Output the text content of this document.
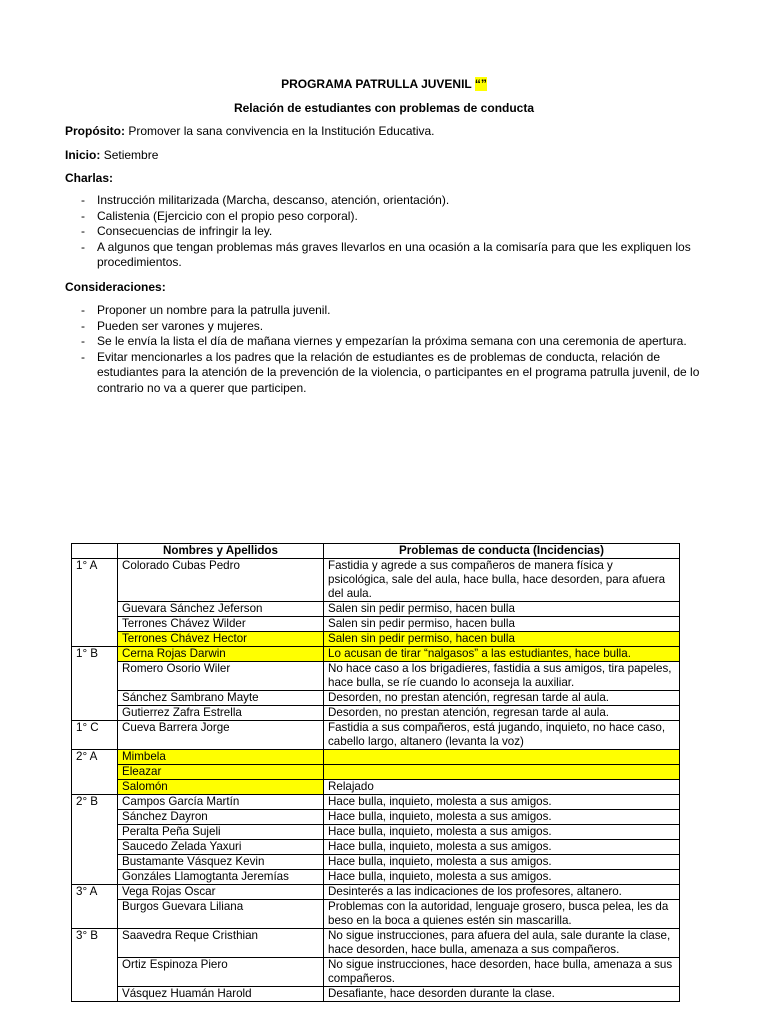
PROGRAMA PATRULLA JUVENIL “”
Relación de estudiantes con problemas de conducta
Propósito: Promover la sana convivencia en la Institución Educativa.
Inicio: Setiembre
Charlas:
- Instrucción militarizada (Marcha, descanso, atención, orientación).
- Calistenia (Ejercicio con el propio peso corporal).
- Consecuencias de infringir la ley.
- A algunos que tengan problemas más graves llevarlos en una ocasión a la comisaría para que les expliquen los procedimientos.
Consideraciones:
- Proponer un nombre para la patrulla juvenil.
- Pueden ser varones y mujeres.
- Se le envía la lista el día de mañana viernes y empezarían la próxima semana con una ceremonia de apertura.
- Evitar mencionarles a los padres que la relación de estudiantes es de problemas de conducta, relación de estudiantes para la atención de la prevención de la violencia, o participantes en el programa patrulla juvenil, de lo contrario no va a querer que participen.
	Nombres y Apellidos	Problemas de conducta (Incidencias)
1° A	Colorado Cubas Pedro	Fastidia y agrede a sus compañeros de manera física y psicológica, sale del aula, hace bulla, hace desorden, para afuera del aula.
	Guevara Sánchez Jeferson	Salen sin pedir permiso, hacen bulla
	Terrones Chávez Wilder	Salen sin pedir permiso, hacen bulla
	Terrones Chávez Hector	Salen sin pedir permiso, hacen bulla
1° B	Cerna Rojas Darwin	Lo acusan de tirar “nalgasos” a las estudiantes, hace bulla.
	Romero Osorio Wiler	No hace caso a los brigadieres, fastidia a sus amigos, tira papeles, hace bulla, se ríe cuando lo aconseja la auxiliar.
	Sánchez Sambrano Mayte	Desorden, no prestan atención, regresan tarde al aula.
	Gutierrez Zafra Estrella	Desorden, no prestan atención, regresan tarde al aula.
1° C	Cueva Barrera Jorge	Fastidia a sus compañeros, está jugando, inquieto, no hace caso, cabello largo, altanero (levanta la voz)
2° A	Mimbela	
	Eleazar	
	Salomón	Relajado
2° B	Campos García Martín	Hace bulla, inquieto, molesta a sus amigos.
	Sánchez Dayron	Hace bulla, inquieto, molesta a sus amigos.
	Peralta Peña Sujeli	Hace bulla, inquieto, molesta a sus amigos.
	Saucedo Zelada Yaxuri	Hace bulla, inquieto, molesta a sus amigos.
	Bustamante Vásquez Kevin	Hace bulla, inquieto, molesta a sus amigos.
	Gonzáles Llamogtanta Jeremías	Hace bulla, inquieto, molesta a sus amigos.
3° A	Vega Rojas Oscar	Desinterés a las indicaciones de los profesores, altanero.
	Burgos Guevara Liliana	Problemas con la autoridad, lenguaje grosero, busca pelea, les da beso en la boca a quienes estén sin mascarilla.
3° B	Saavedra Reque Cristhian	No sigue instrucciones, para afuera del aula, sale durante la clase, hace desorden, hace bulla, amenaza a sus compañeros.
	Ortiz Espinoza Piero	No sigue instrucciones, hace desorden, hace bulla, amenaza a sus compañeros.
	Vásquez Huamán Harold	Desafiante, hace desorden durante la clase.
